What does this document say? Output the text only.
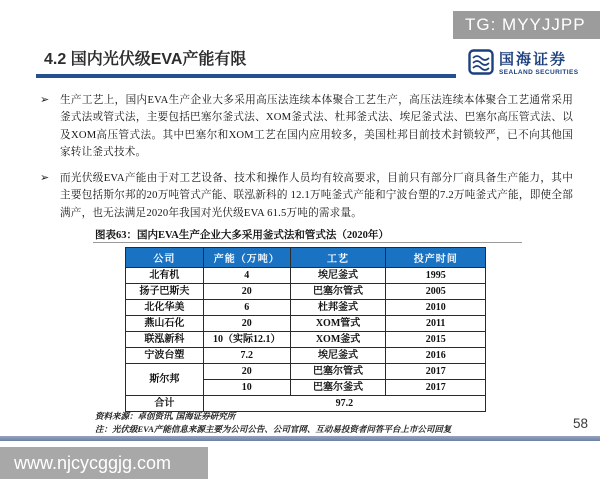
TG: MYYJJPP
4.2 国内光伏级EVA产能有限	国海证券
SEALAND SECURITIES
➢	生产工艺上，国内EVA生产企业大多采用高压法连续本体聚合工艺生产，高压法连续本体聚合工艺通常采用釜式法或管式法，主要包括巴塞尔釜式法、XOM釜式法、杜邦釜式法、埃尼釜式法、巴塞尔高压管式法、以及XOM高压管式法。其中巴塞尔和XOM工艺在国内应用较多，美国杜邦目前技术封锁较严，已不向其他国家转让釜式技术。
➢	而光伏级EVA产能由于对工艺设备、技术和操作人员均有较高要求，目前只有部分厂商具备生产能力，其中主要包括斯尔邦的20万吨管式产能、联泓新科的 12.1万吨釜式产能和宁波台塑的7.2万吨釜式产能，即使全部满产，也无法满足2020年我国对光伏级EVA 61.5万吨的需求量。
图表63：国内EVA生产企业大多采用釜式法和管式法（2020年）
公司	产能（万吨）	工艺	投产时间
北有机	4	埃尼釜式	1995
扬子巴斯夫	20	巴塞尔管式	2005
北化华美	6	杜邦釜式	2010
燕山石化	20	XOM管式	2011
联泓新科	10（实际12.1）	XOM釜式	2015
宁波台塑	7.2	埃尼釜式	2016
斯尔邦	20	巴塞尔管式	2017
	10	巴塞尔釜式	2017
合计	97.2		
资料来源：卓创资讯, 国海证券研究所
注：光伏级EVA产能信息来源主要为公司公告、公司官网、互动易投资者问答平台上市公司回复	58
www.njcycggjg.com
